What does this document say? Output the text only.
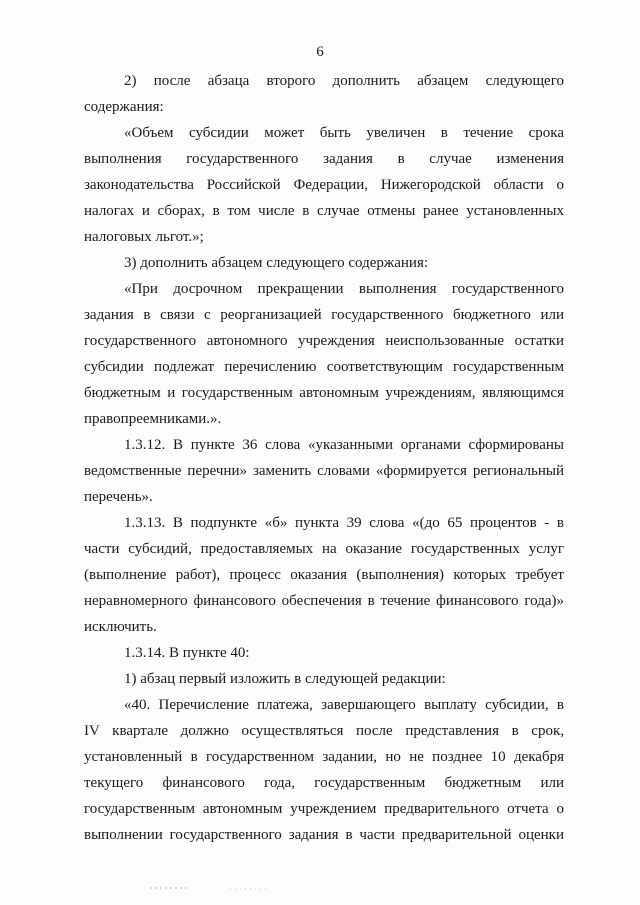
6
2) после абзаца второго дополнить абзацем следующего
содержания:
«Объем субсидии может быть увеличен в течение срока
выполнения государственного задания в случае изменения
законодательства Российской Федерации, Нижегородской области о
налогах и сборах, в том числе в случае отмены ранее установленных
налоговых льгот.»;
3) дополнить абзацем следующего содержания:
«При досрочном прекращении выполнения государственного
задания в связи с реорганизацией государственного бюджетного или
государственного автономного учреждения неиспользованные остатки
субсидии подлежат перечислению соответствующим государственным
бюджетным и государственным автономным учреждениям, являющимся
правопреемниками.».
1.3.12. В пункте 36 слова «указанными органами сформированы
ведомственные перечни» заменить словами «формируется региональный
перечень».
1.3.13. В подпункте «б» пункта 39 слова «(до 65 процентов - в
части субсидий, предоставляемых на оказание государственных услуг
(выполнение работ), процесс оказания (выполнения) которых требует
неравномерного финансового обеспечения в течение финансового года)»
исключить.
1.3.14. В пункте 40:
1) абзац первый изложить в следующей редакции:
«40. Перечисление платежа, завершающего выплату субсидии, в
IV квартале должно осуществляться после представления в срок,
установленный в государственном задании, но не позднее 10 декабря
текущего финансового года, государственным бюджетным или
государственным автономным учреждением предварительного отчета о
выполнении государственного задания в части предварительной оценки
